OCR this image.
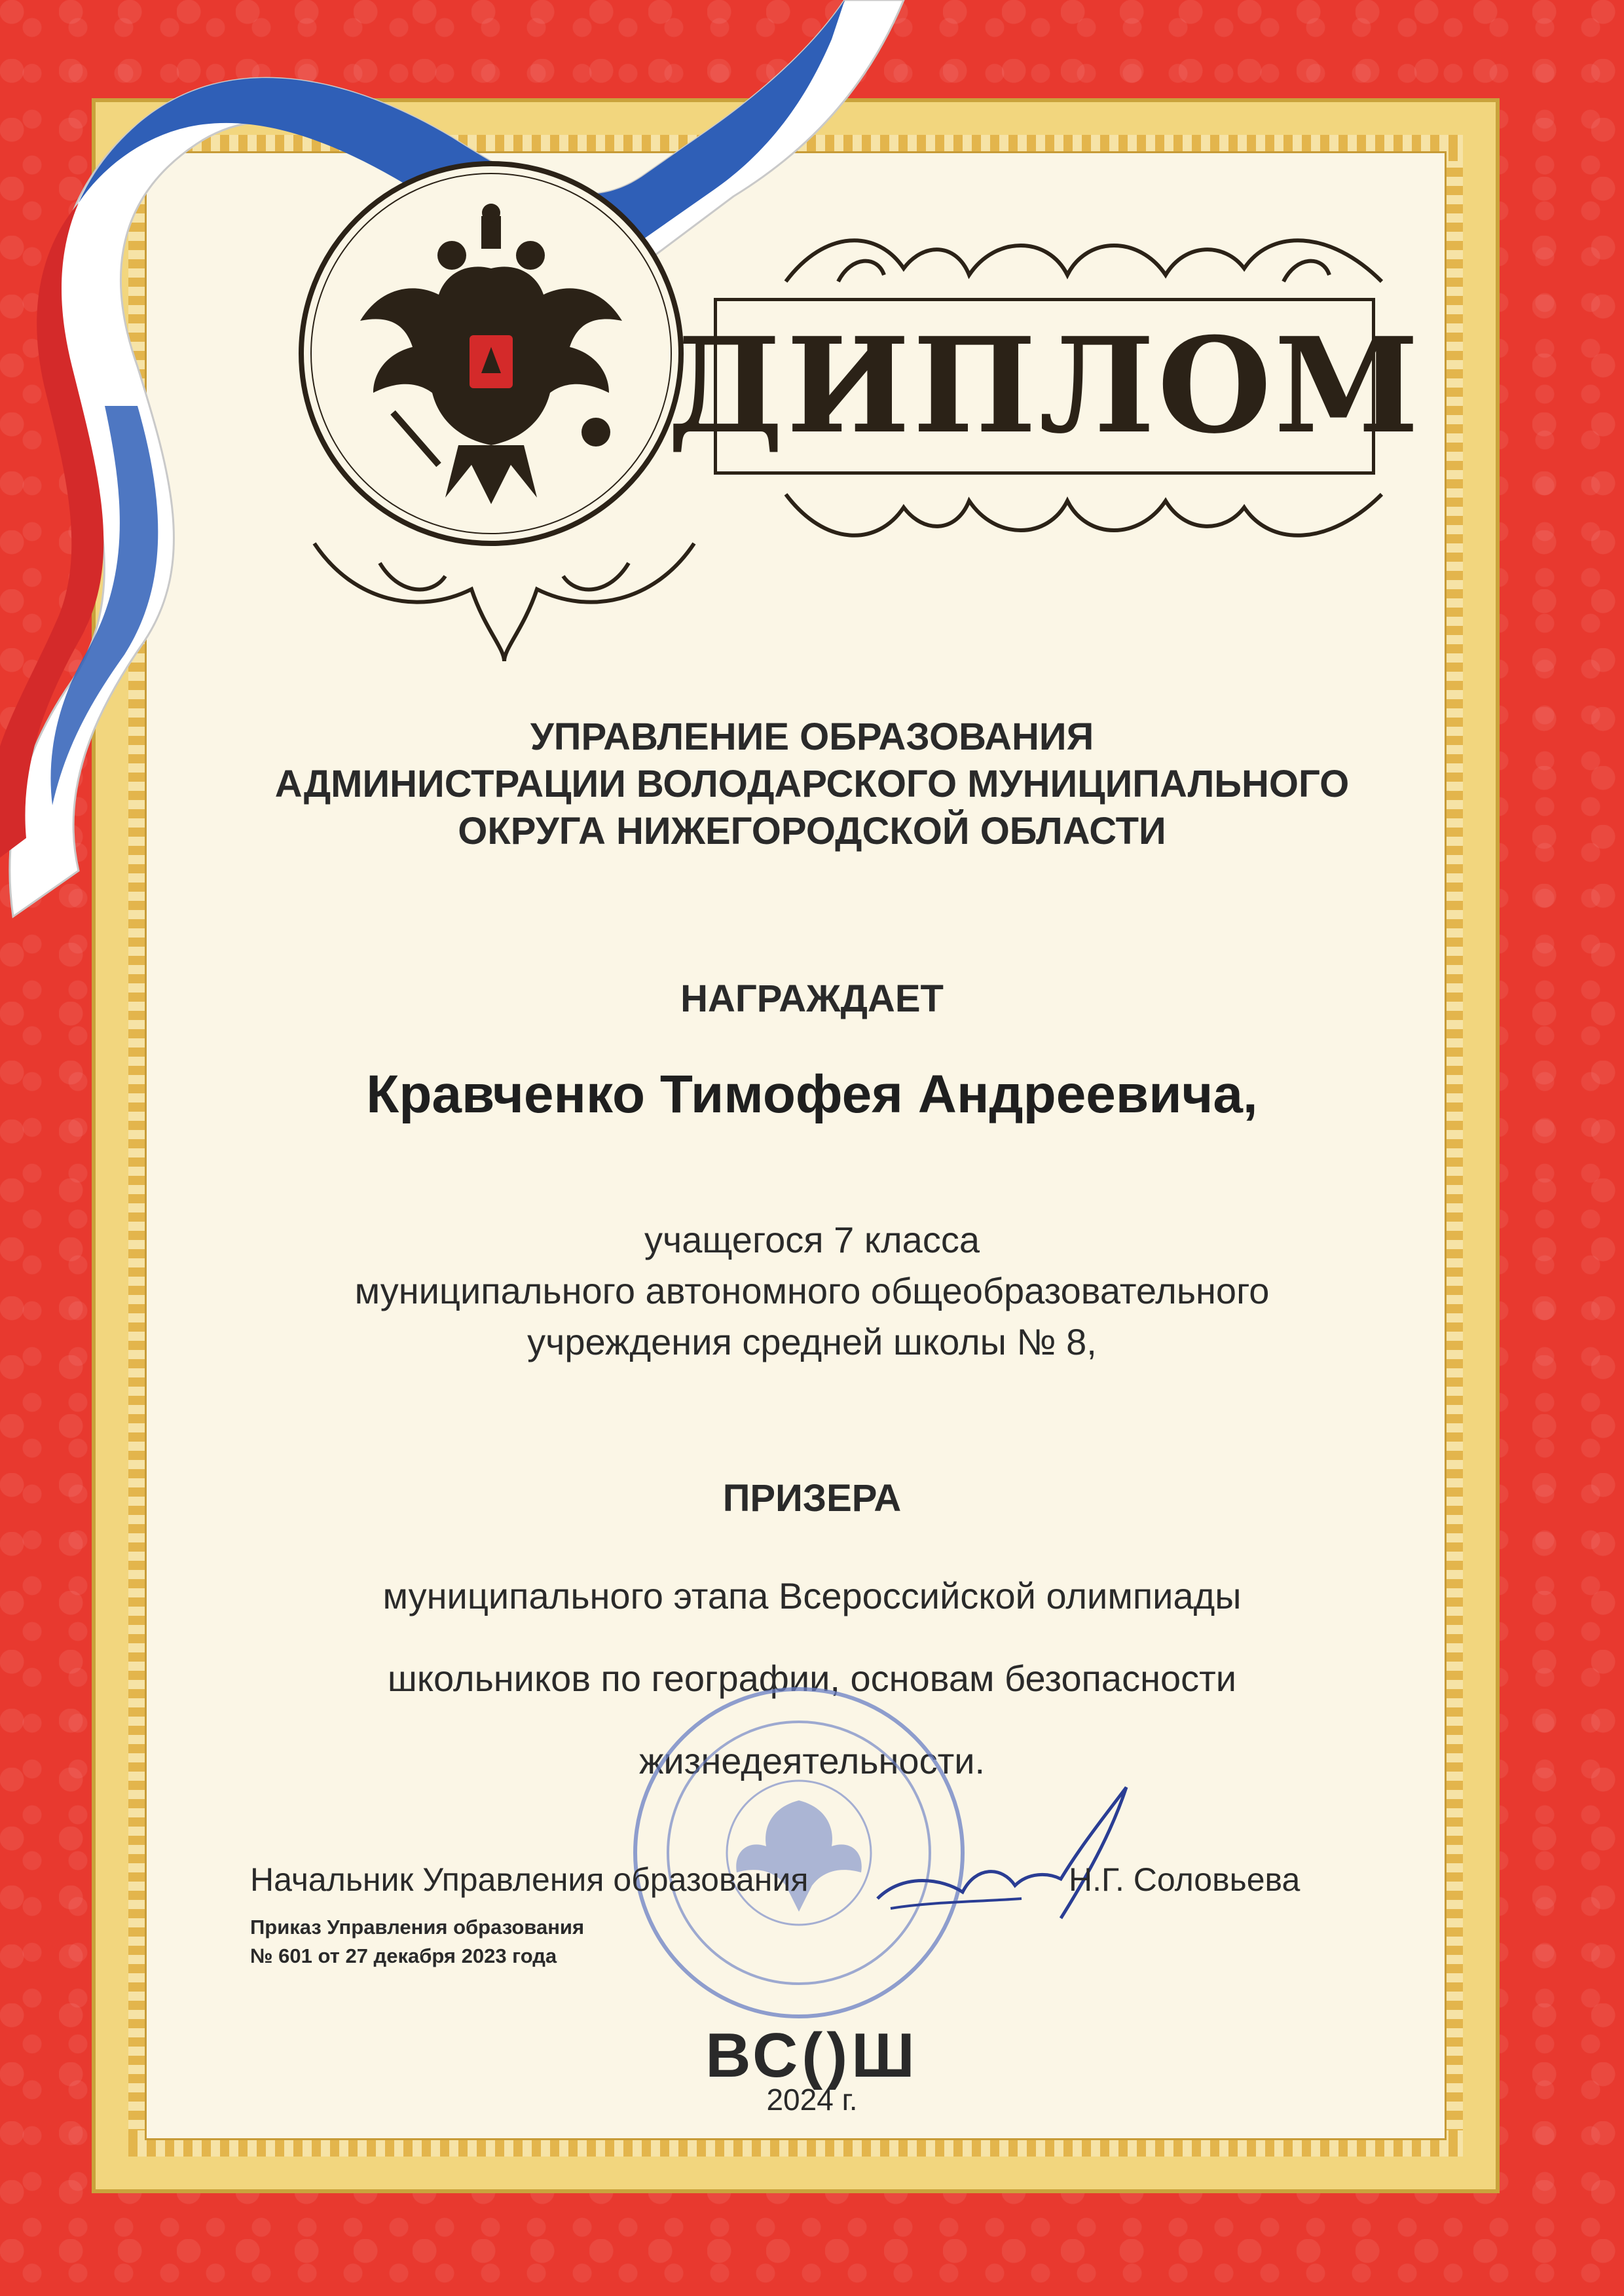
ДИПЛОМ
УПРАВЛЕНИЕ ОБРАЗОВАНИЯ
АДМИНИСТРАЦИИ ВОЛОДАРСКОГО МУНИЦИПАЛЬНОГО
ОКРУГА НИЖЕГОРОДСКОЙ ОБЛАСТИ
НАГРАЖДАЕТ
Кравченко Тимофея Андреевича,
учащегося 7 класса
муниципального автономного общеобразовательного
учреждения средней школы № 8,
ПРИЗЕРА
муниципального этапа Всероссийской олимпиады
школьников по географии, основам безопасности
жизнедеятельности.
Начальник Управления образования	Н.Г. Соловьева
Приказ Управления образования
№ 601 от 27 декабря 2023 года
ВС()Ш
2024 г.
